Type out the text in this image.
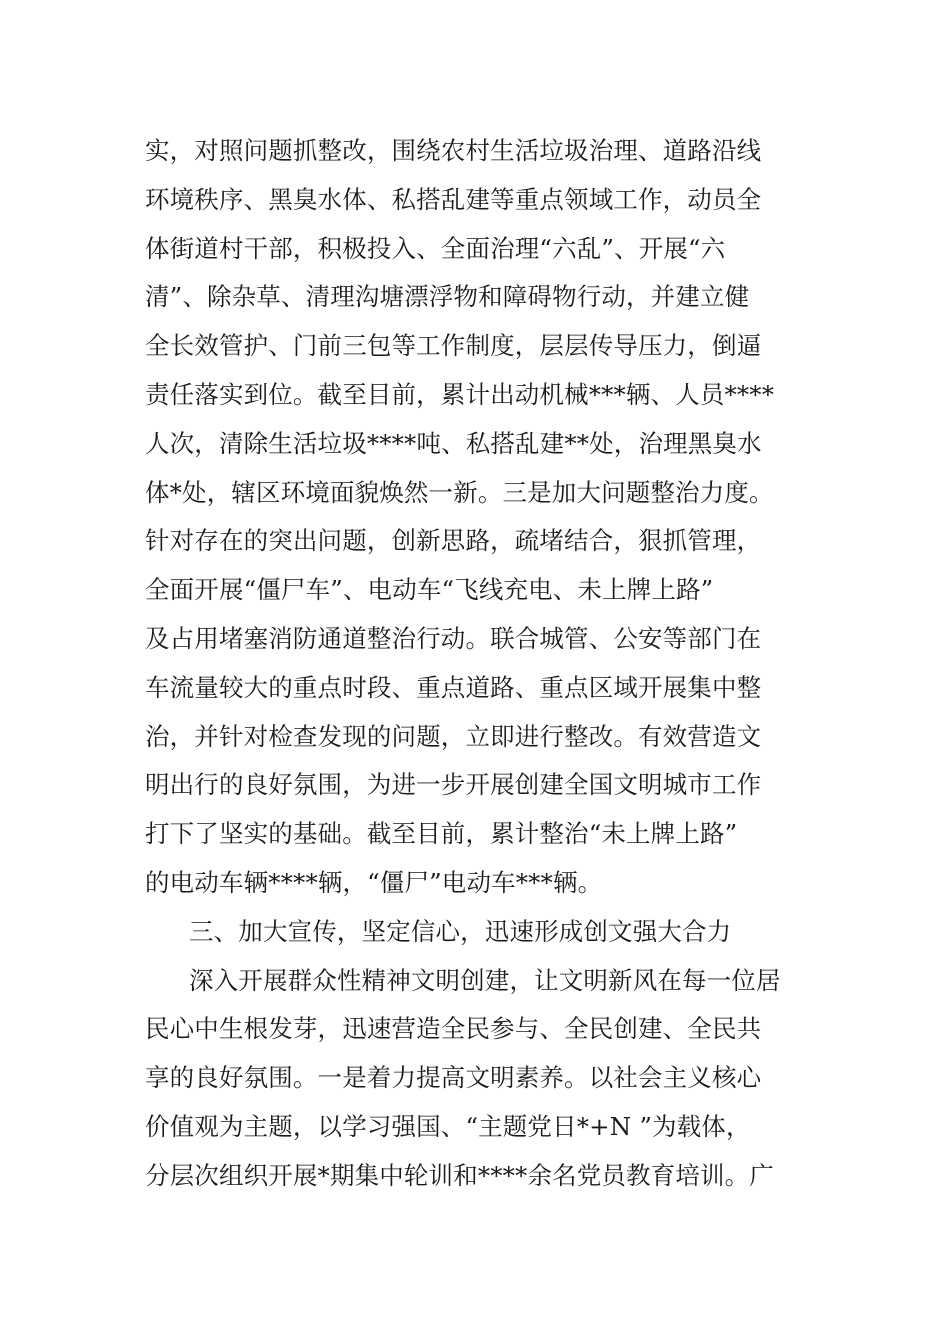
实，对照问题抓整改，围绕农村生活垃圾治理、道路沿线
环境秩序、黑臭水体、私搭乱建等重点领域工作，动员全
体街道村干部，积极投入、全面治理“六乱”、开展“六
清”、除杂草、清理沟塘漂浮物和障碍物行动，并建立健
全长效管护、门前三包等工作制度，层层传导压力，倒逼
责任落实到位。截至目前，累计出动机械***辆、人员****
人次，清除生活垃圾****吨、私搭乱建**处，治理黑臭水
体*处，辖区环境面貌焕然一新。三是加大问题整治力度。
针对存在的突出问题，创新思路，疏堵结合，狠抓管理，
全面开展“僵尸车”、电动车“飞线充电、未上牌上路”
及占用堵塞消防通道整治行动。联合城管、公安等部门在
车流量较大的重点时段、重点道路、重点区域开展集中整
治，并针对检查发现的问题，立即进行整改。有效营造文
明出行的良好氛围，为进一步开展创建全国文明城市工作
打下了坚实的基础。截至目前，累计整治“未上牌上路”
的电动车辆****辆，“僵尸”电动车***辆。
三、加大宣传，坚定信心，迅速形成创文强大合力
深入开展群众性精神文明创建，让文明新风在每一位居
民心中生根发芽，迅速营造全民参与、全民创建、全民共
享的良好氛围。一是着力提高文明素养。以社会主义核心
价值观为主题，以学习强国、“主题党日*+N ”为载体，
分层次组织开展*期集中轮训和****余名党员教育培训。广
